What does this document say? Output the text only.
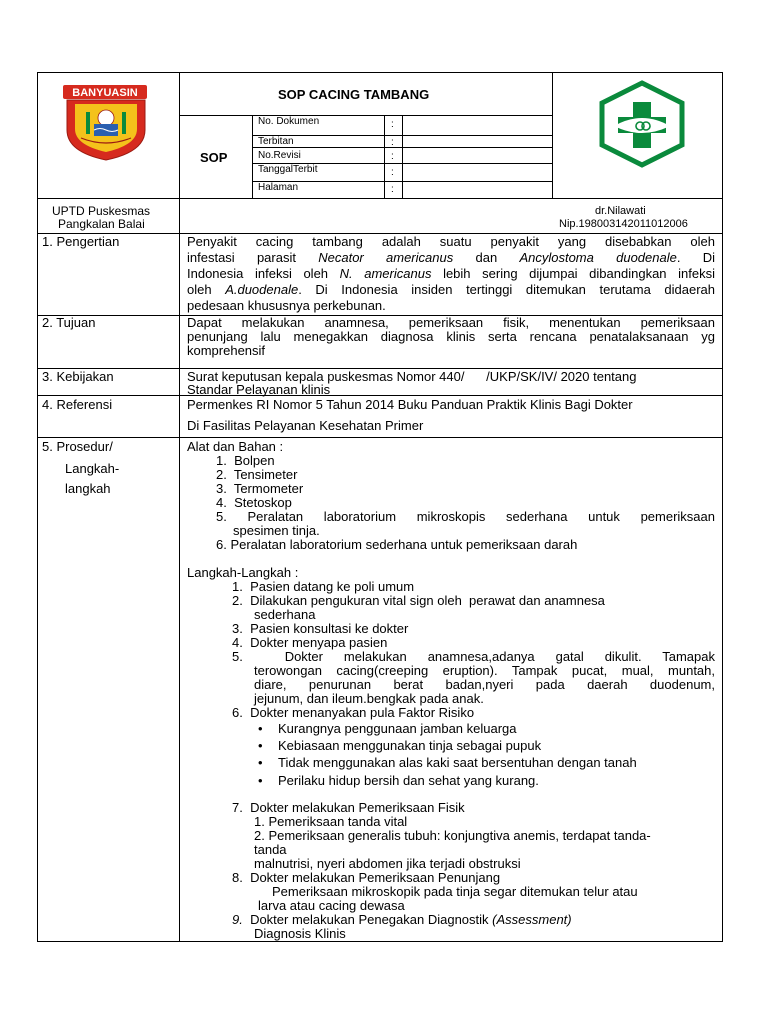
BANYUASIN	SOP CACING TAMBANG
SOP
No. Dokumen	:
Terbitan	:
No.Revisi	:
TanggalTerbit	:
Halaman	:
UPTD Puskesmas
Pangkalan Balai
dr.Nilawati
Nip.198003142011012006
1. Pengertian	Penyakit cacing tambang adalah suatu penyakit yang disebabkan oleh
infestasi parasit Necator americanus dan Ancylostoma duodenale. Di
Indonesia infeksi oleh N. americanus lebih sering dijumpai dibandingkan infeksi
oleh A.duodenale. Di Indonesia insiden tertinggi ditemukan terutama didaerah
pedesaan khususnya perkebunan.
2. Tujuan	Dapat melakukan anamnesa, pemeriksaan fisik, menentukan pemeriksaan
penunjang lalu menegakkan diagnosa klinis serta rencana penatalaksanaan yg
komprehensif
3. Kebijakan	Surat keputusan kepala puskesmas Nomor 440/      /UKP/SK/IV/ 2020 tentang
Standar Pelayanan klinis
4. Referensi	Permenkes RI Nomor 5 Tahun 2014 Buku Panduan Praktik Klinis Bagi Dokter
Di Fasilitas Pelayanan Kesehatan Primer
5. Prosedur/
Langkah-
langkah
Alat dan Bahan :
1.  Bolpen
2.  Tensimeter
3.  Termometer
4.  Stetoskop
5. Peralatan laboratorium mikroskopis sederhana untuk pemeriksaan
spesimen tinja.
6. Peralatan laboratorium sederhana untuk pemeriksaan darah
Langkah-Langkah :
1.  Pasien datang ke poli umum
2.  Dilakukan pengukuran vital sign oleh  perawat dan anamnesa
sederhana
3.  Pasien konsultasi ke dokter
4.  Dokter menyapa pasien
5.  Dokter melakukan anamnesa,adanya gatal dikulit. Tamapak
terowongan cacing(creeping eruption). Tampak pucat, mual, muntah,
diare, penurunan berat badan,nyeri pada daerah duodenum,
jejunum, dan ileum.bengkak pada anak.
6.  Dokter menanyakan pula Faktor Risiko
• Kurangnya penggunaan jamban keluarga
• Kebiasaan menggunakan tinja sebagai pupuk
• Tidak menggunakan alas kaki saat bersentuhan dengan tanah
• Perilaku hidup bersih dan sehat yang kurang.
7.  Dokter melakukan Pemeriksaan Fisik
1. Pemeriksaan tanda vital
2. Pemeriksaan generalis tubuh: konjungtiva anemis, terdapat tanda-
tanda
malnutrisi, nyeri abdomen jika terjadi obstruksi
8.  Dokter melakukan Pemeriksaan Penunjang
Pemeriksaan mikroskopik pada tinja segar ditemukan telur atau
larva atau cacing dewasa
9.  Dokter melakukan Penegakan Diagnostik (Assessment)
Diagnosis Klinis
